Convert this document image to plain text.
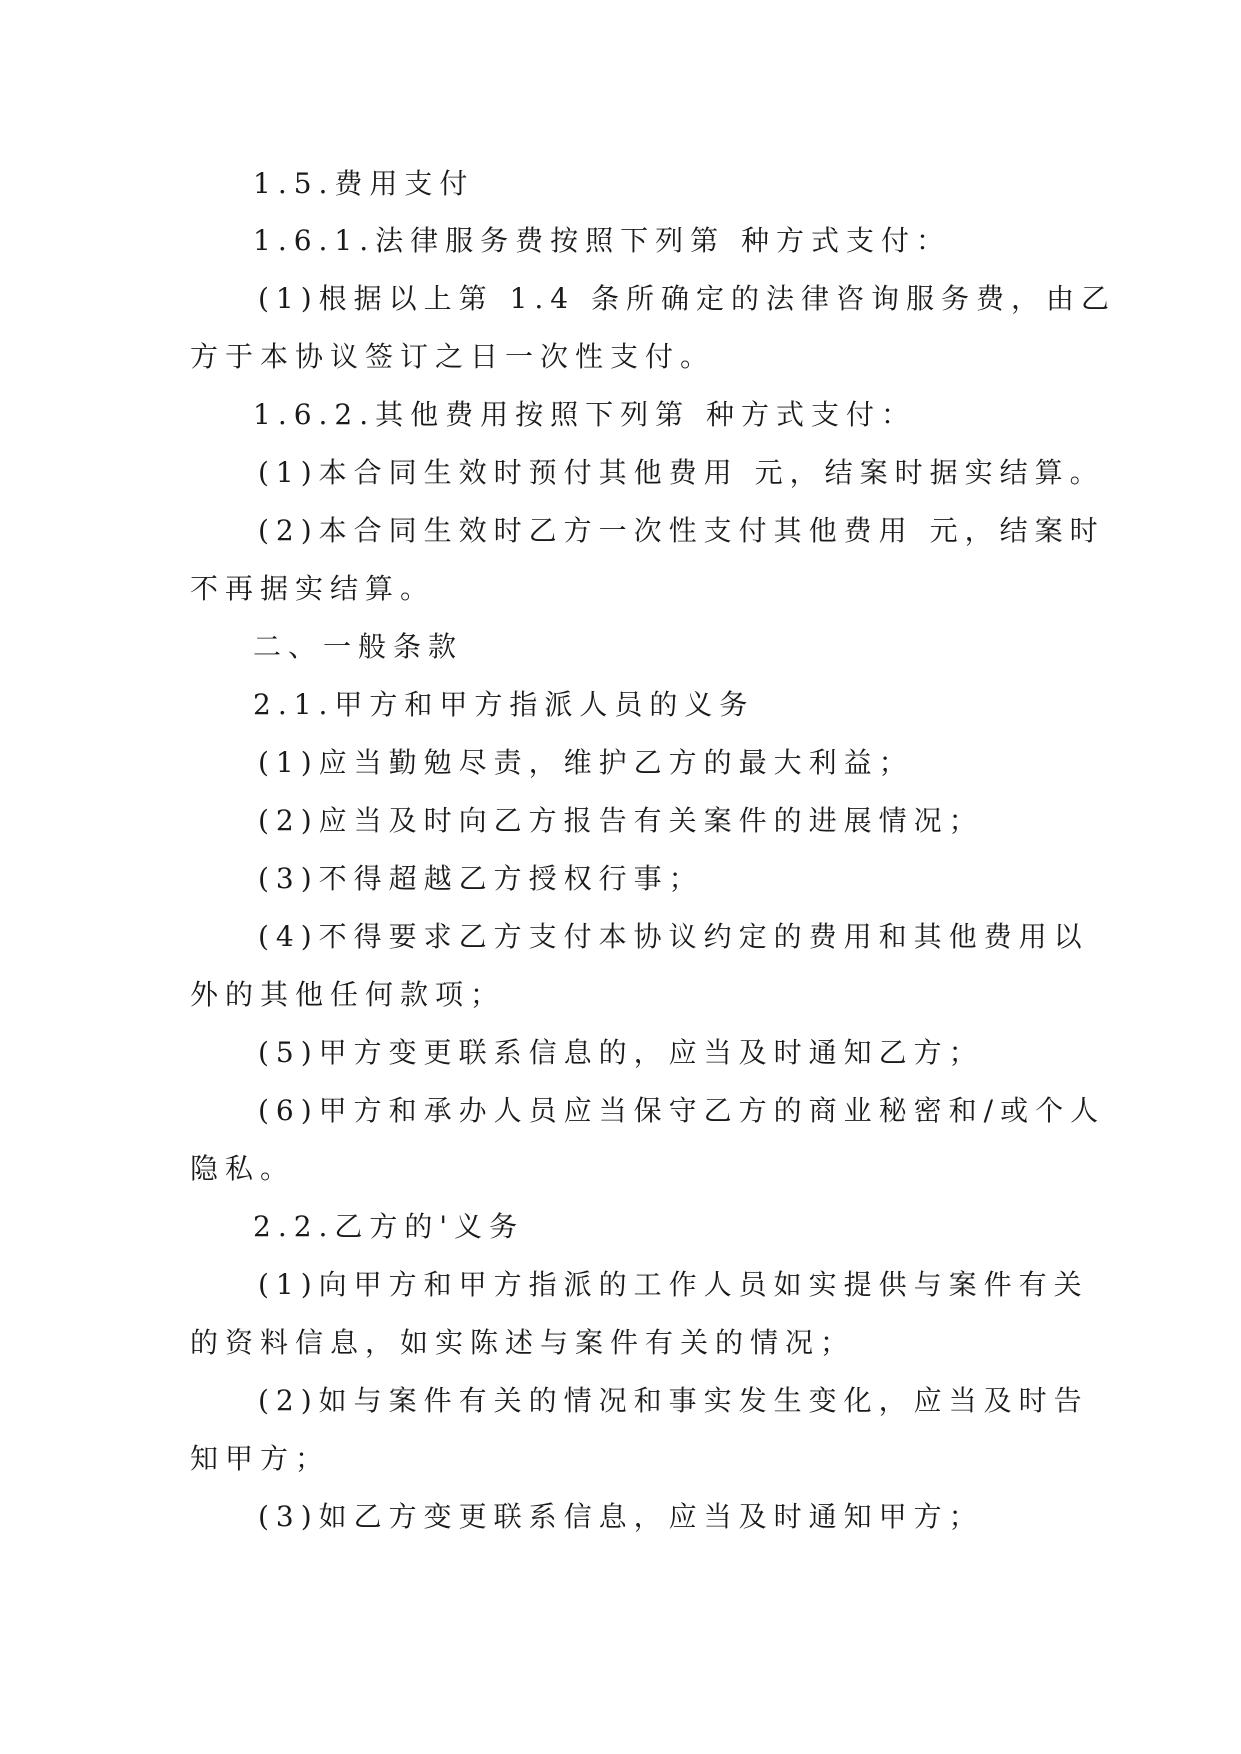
1.5.费用支付

1.6.1.法律服务费按照下列第 种方式支付：

(1)根据以上第 1.4 条所确定的法律咨询服务费，由乙

方于本协议签订之日一次性支付。

1.6.2.其他费用按照下列第 种方式支付：

(1)本合同生效时预付其他费用 元，结案时据实结算。

(2)本合同生效时乙方一次性支付其他费用 元，结案时

不再据实结算。

二、一般条款

2.1.甲方和甲方指派人员的义务

(1)应当勤勉尽责，维护乙方的最大利益；

(2)应当及时向乙方报告有关案件的进展情况；

(3)不得超越乙方授权行事；

(4)不得要求乙方支付本协议约定的费用和其他费用以

外的其他任何款项；

(5)甲方变更联系信息的，应当及时通知乙方；

(6)甲方和承办人员应当保守乙方的商业秘密和/或个人

隐私。

2.2.乙方的'义务

(1)向甲方和甲方指派的工作人员如实提供与案件有关

的资料信息，如实陈述与案件有关的情况；

(2)如与案件有关的情况和事实发生变化，应当及时告

知甲方；

(3)如乙方变更联系信息，应当及时通知甲方；
